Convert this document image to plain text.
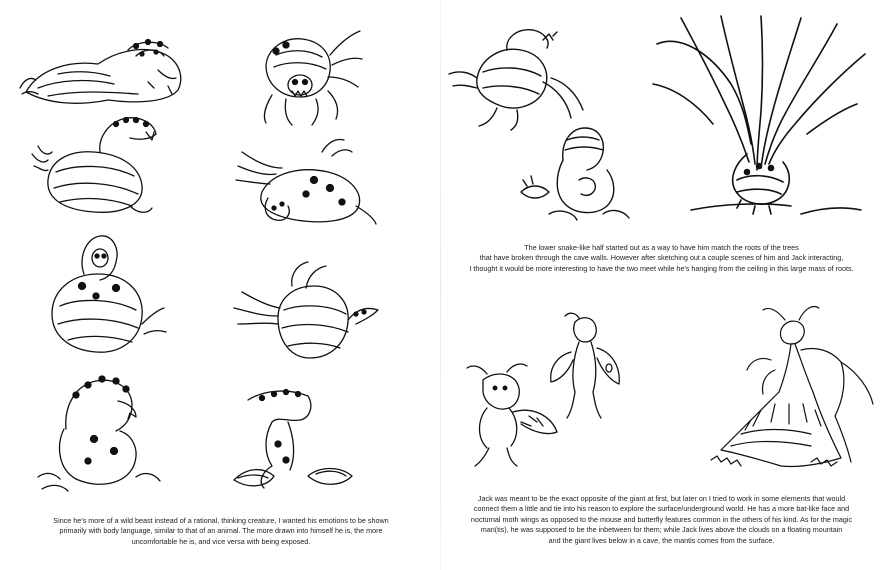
Since he's more of a wild beast instead of a rational, thinking creature, I wanted his emotions to be shown
primarily with body language, similar to that of an animal. The more drawn into himself he is, the more
uncomfortable he is, and vice versa with being exposed.

The lower snake-like half started out as a way to have him match the roots of the trees
that have broken through the cave walls. However after sketching out a couple scenes of him and Jack interacting,
I thought it would be more interesting to have the two meet while he's hanging from the ceiling in this large mass of roots.

Jack was meant to be the exact opposite of the giant at first, but later on I tried to work in some elements that would
connect them a little and tie into his reason to explore the surface/underground world. He has a more bat-like face and
nocturnal moth wings as opposed to the mouse and butterfly features common in the others of his kind. As for the magic
man(tis), he was supposed to be the inbetween for them; while Jack lives above the clouds on a floating mountain
and the giant lives below in a cave, the mantis comes from the surface.
